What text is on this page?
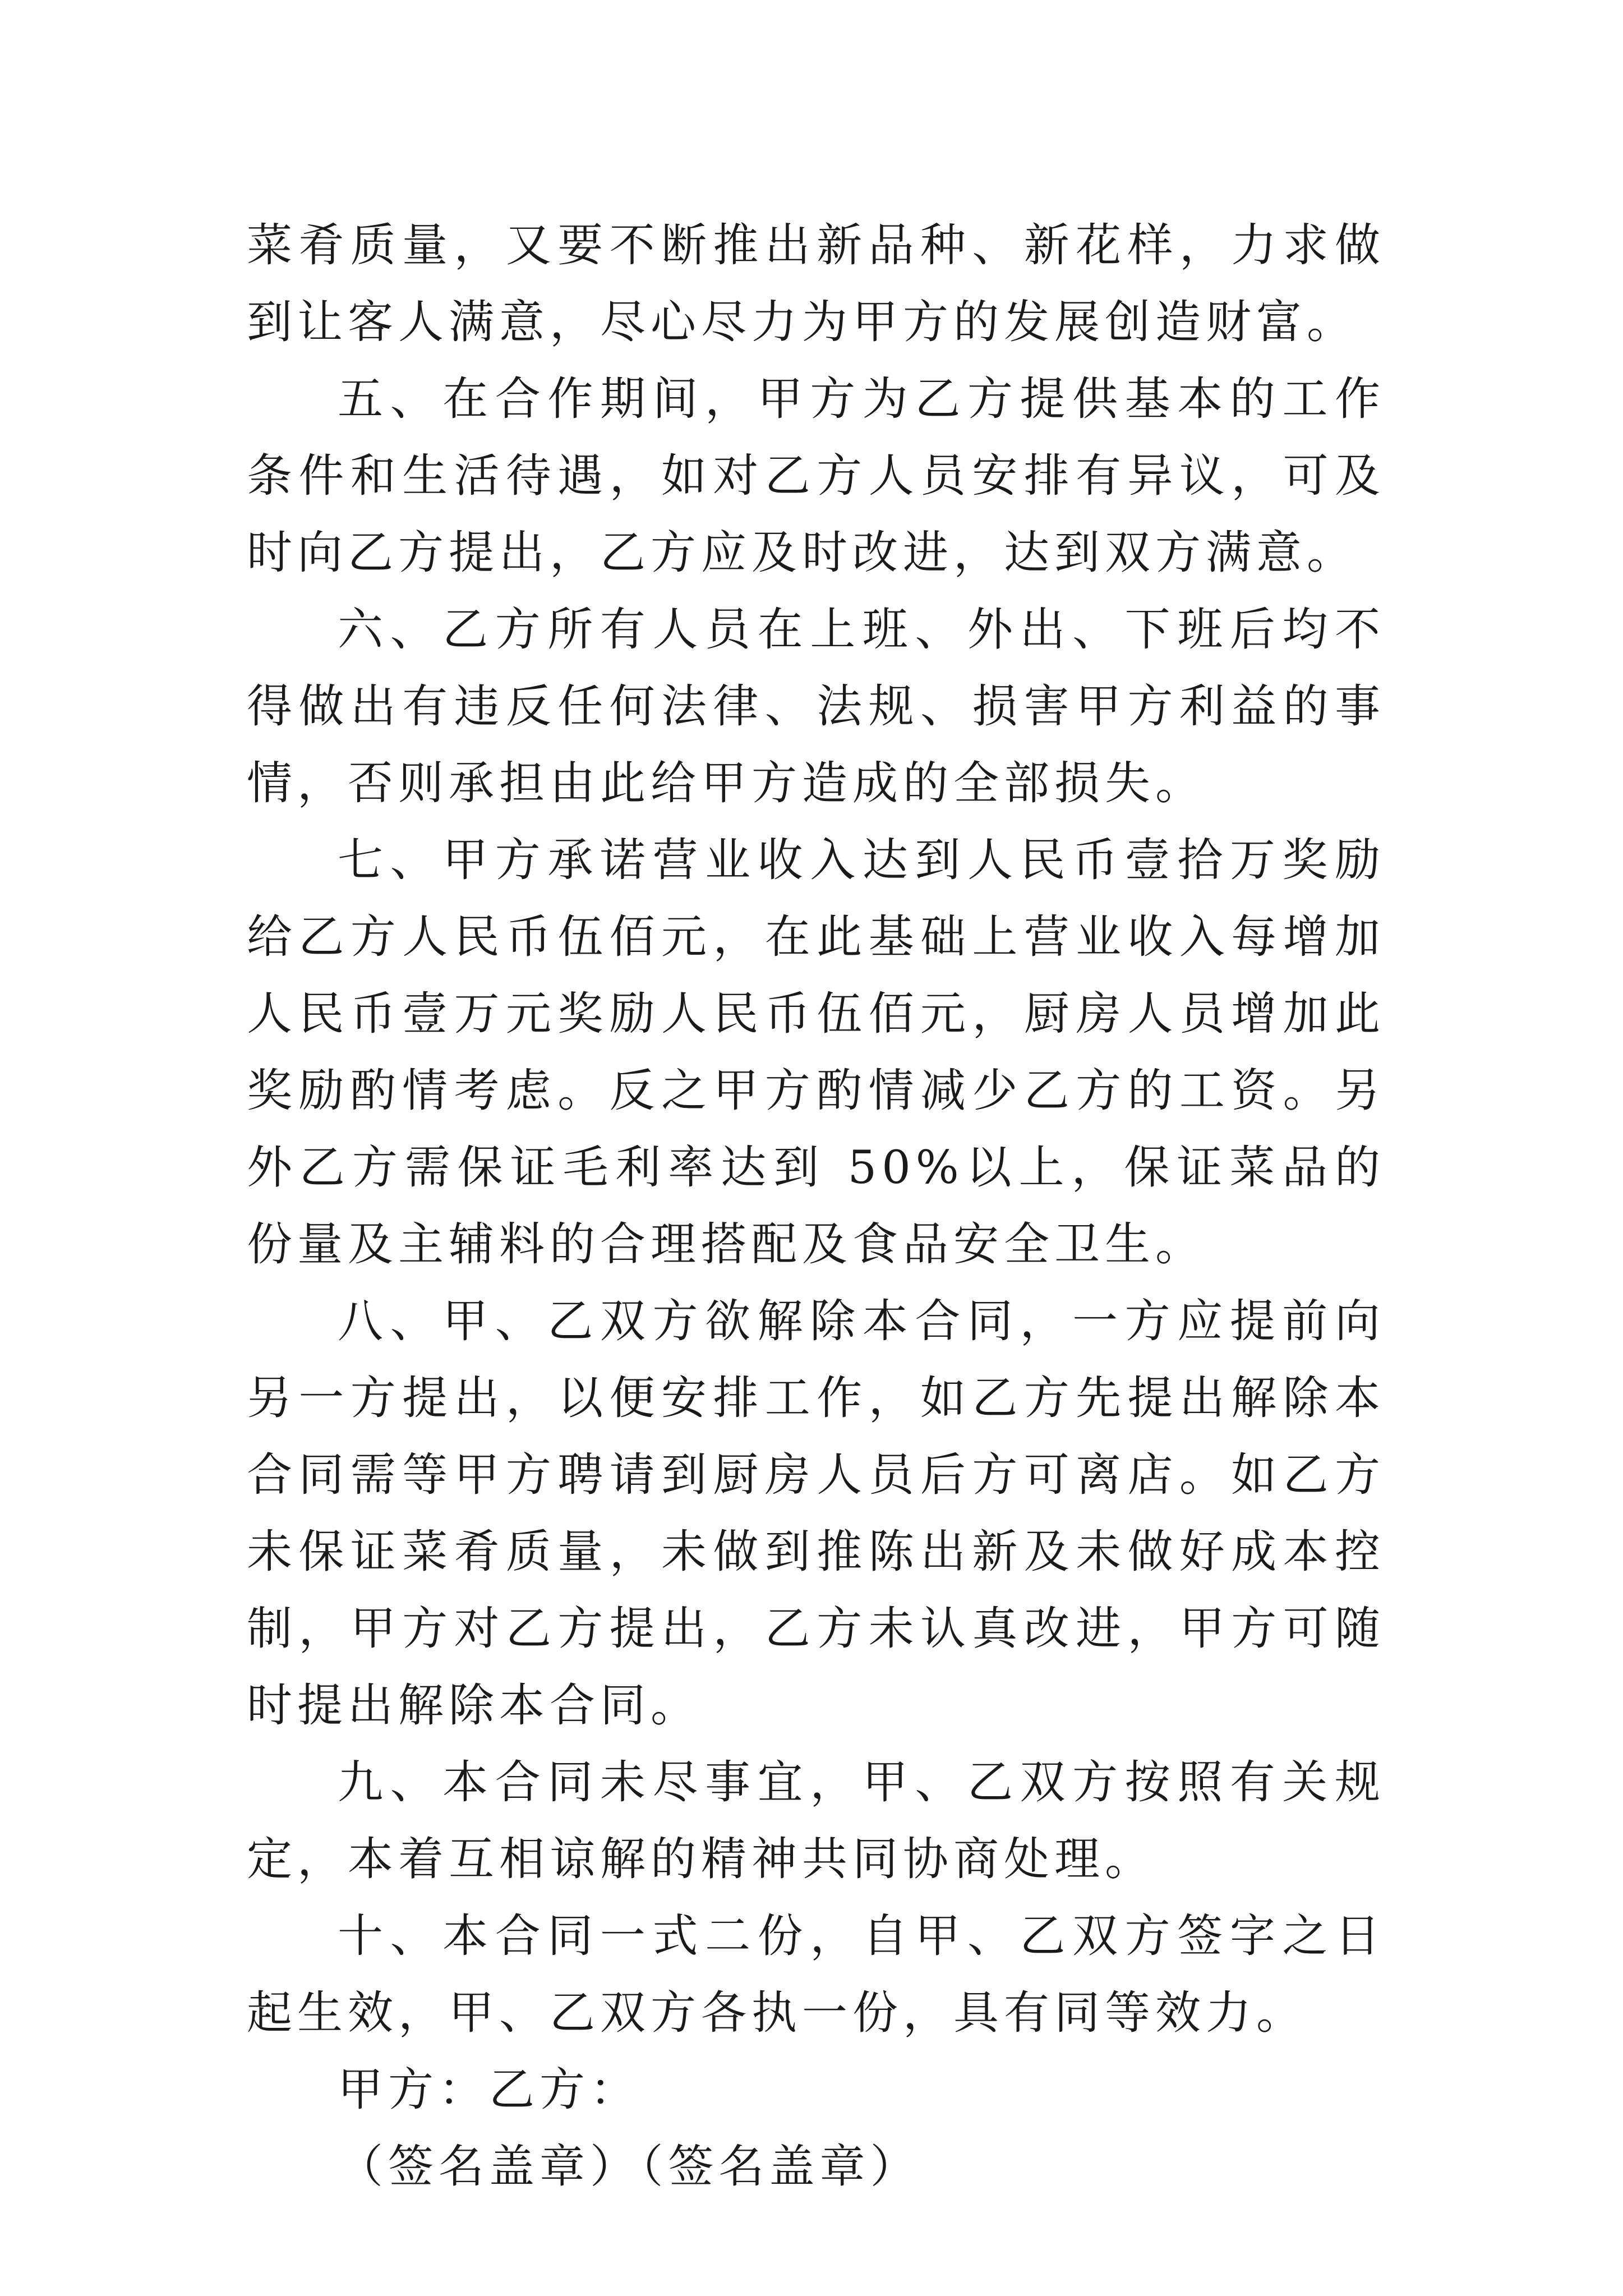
菜肴质量，又要不断推出新品种、新花样，力求做到让客人满意，尽心尽力为甲方的发展创造财富。

五、在合作期间，甲方为乙方提供基本的工作条件和生活待遇，如对乙方人员安排有异议，可及时向乙方提出，乙方应及时改进，达到双方满意。

六、乙方所有人员在上班、外出、下班后均不得做出有违反任何法律、法规、损害甲方利益的事情，否则承担由此给甲方造成的全部损失。

七、甲方承诺营业收入达到人民币壹拾万奖励给乙方人民币伍佰元，在此基础上营业收入每增加人民币壹万元奖励人民币伍佰元，厨房人员增加此奖励酌情考虑。反之甲方酌情减少乙方的工资。另外乙方需保证毛利率达到 50%以上，保证菜品的份量及主辅料的合理搭配及食品安全卫生。

八、甲、乙双方欲解除本合同，一方应提前向另一方提出，以便安排工作，如乙方先提出解除本合同需等甲方聘请到厨房人员后方可离店。如乙方未保证菜肴质量，未做到推陈出新及未做好成本控制，甲方对乙方提出，乙方未认真改进，甲方可随时提出解除本合同。

九、本合同未尽事宜，甲、乙双方按照有关规定，本着互相谅解的精神共同协商处理。

十、本合同一式二份，自甲、乙双方签字之日起生效，甲、乙双方各执一份，具有同等效力。

甲方：乙方：

（签名盖章）（签名盖章）
